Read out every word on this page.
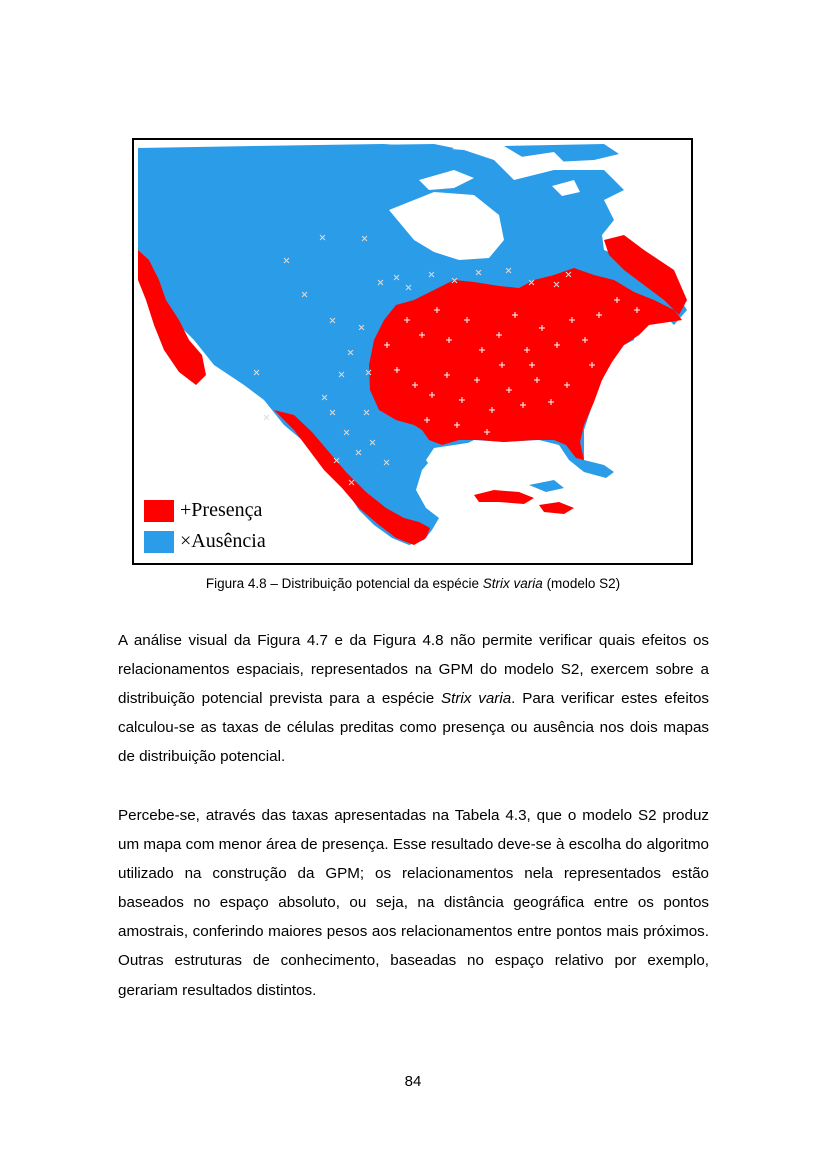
+ Presença
× Ausência
Figura 4.8 – Distribuição potencial da espécie Strix varia (modelo S2)
A análise visual da Figura 4.7 e da Figura 4.8 não permite verificar quais efeitos os relacionamentos espaciais, representados na GPM do modelo S2, exercem sobre a distribuição potencial prevista para a espécie Strix varia. Para verificar estes efeitos calculou-se as taxas de células preditas como presença ou ausência nos dois mapas de distribuição potencial.
Percebe-se, através das taxas apresentadas na Tabela 4.3, que o modelo S2 produz um mapa com menor área de presença. Esse resultado deve-se à escolha do algoritmo utilizado na construção da GPM; os relacionamentos nela representados estão baseados no espaço absoluto, ou seja, na distância geográfica entre os pontos amostrais, conferindo maiores pesos aos relacionamentos entre pontos mais próximos. Outras estruturas de conhecimento, baseadas no espaço relativo por exemplo, gerariam resultados distintos.
84
